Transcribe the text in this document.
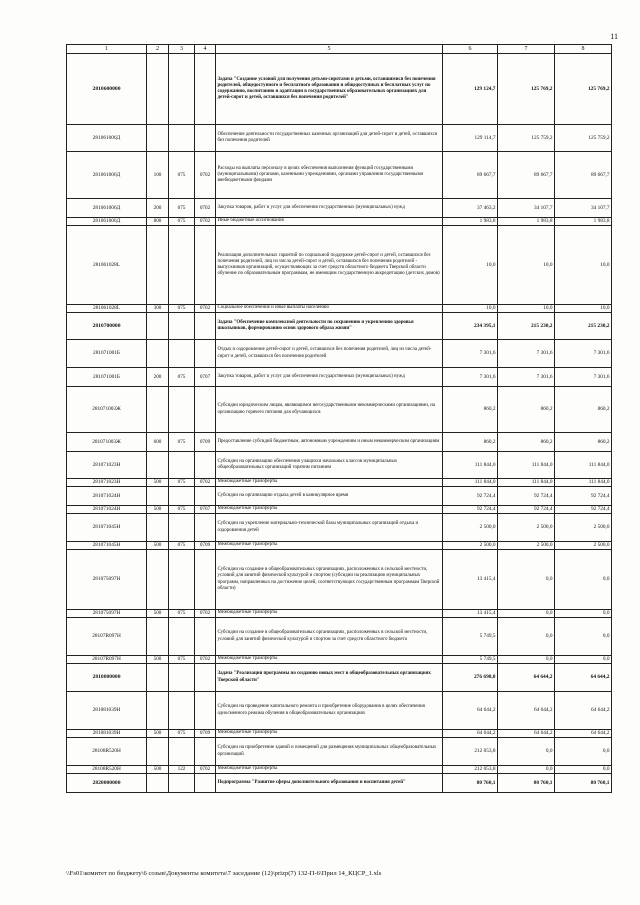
11
1	2	3	4	5	6	7	8
2810600000				Задача "Создание условий для получения детьми-сиротами и детьми, оставшимися без попечения родителей, общедоступного и бесплатного образования и общедоступных и бесплатных услуг по содержанию, воспитанию и адаптации в государственных образовательных организациях для детей-сирот и детей, оставшихся без попечения родителей"	129 124,7	125 769,2	125 769,2
281061006Д				Обеспечение деятельности государственных казенных организаций для детей-сирот и детей, оставшихся без попечения родителей	129 114,7	125 759,2	125 759,2
281061006Д	100	075	0702	Расходы на выплаты персоналу в целях обеспечения выполнения функций государственными (муниципальными) органами, казенными учреждениями, органами управления государственными внебюджетными фондами	89 667,7	89 667,7	89 667,7
281061006Д	200	075	0702	Закупка товаров, работ и услуг для обеспечения государственных (муниципальных) нужд	37 463,2	34 107,7	34 107,7
281061006Д	800	075	0702	Иные бюджетные ассигнования	1 983,8	1 983,8	1 983,8
281061028L				Реализация дополнительных гарантий по социальной поддержке детей-сирот и детей, оставшихся без попечения родителей, лиц из числа детей-сирот и детей, оставшихся без попечения родителей - выпускников организаций, осуществляющих за счет средств областного бюджета Тверской области обучение по образовательным программам, не имеющим государственную аккредитацию (детских домов)	10,0	10,0	10,0
281061028L	300	075	0702	Социальное обеспечение и иные выплаты населению	10,0	10,0	10,0
2810700000				Задача "Обеспечение комплексной деятельности по сохранению и укреплению здоровья школьников, формированию основ здорового образа жизни"	234 395,1	215 230,2	215 230,2
281071001Б				Отдых и оздоровление детей-сирот и детей, оставшихся без попечения родителей, лиц из числа детей-сирот и детей, оставшихся без попечения родителей	7 301,6	7 301,6	7 301,6
281071001Б	200	075	0707	Закупка товаров, работ и услуг для обеспечения государственных (муниципальных) нужд	7 301,6	7 301,6	7 301,6
281071003Ж				Субсидии юридическим лицам, являющимся негосударственными некоммерческими организациями, на организацию горячего питания для обучающихся	860,2	860,2	860,2
281071003Ж	600	075	0709	Предоставление субсидий бюджетным, автономным учреждениям и иным некоммерческим организациям	860,2	860,2	860,2
281071023Н				Субсидии на организацию обеспечения учащихся начальных классов муниципальных общеобразовательных организаций горячим питанием	111 844,0	111 844,0	111 844,0
281071023Н	500	075	0702	Межбюджетные трансферты	111 844,0	111 844,0	111 844,0
281071024Н				Субсидии на организацию отдыха детей в каникулярное время	92 724,4	92 724,4	92 724,4
281071024Н	500	075	0707	Межбюджетные трансферты	92 724,4	92 724,4	92 724,4
281071045Н				Субсидии на укрепление материально-технической базы муниципальных организаций отдыха и оздоровления детей	2 500,0	2 500,0	2 500,0
281071045Н	500	075	0709	Межбюджетные трансферты	2 500,0	2 500,0	2 500,0
281075097Н				Субсидии на создание в общеобразовательных организациях, расположенных в сельской местности, условий для занятий физической культурой и спортом (субсидии на реализацию муниципальных программ, направленных на достижение целей, соответствующих государственным программам Тверской области)	13 415,4	0,0	0,0
281075097Н	500	075	0702	Межбюджетные трансферты	13 415,4	0,0	0,0
28107R097Н				Субсидии на создание в общеобразовательных организациях, расположенных в сельской местности, условий для занятий физической культурой и спортом за счет средств областного бюджета	5 749,5	0,0	0,0
28107R097Н	500	075	0702	Межбюджетные трансферты	5 749,5	0,0	0,0
2810800000				Задача "Реализация программы по созданию новых мест в общеобразовательных организациях Тверской области"	276 698,0	64 644,2	64 644,2
281081039Н				Субсидии на проведение капитального ремонта и приобретение оборудования в целях обеспечения односменного режима обучения в общеобразовательных организациях	64 644,2	64 644,2	64 644,2
281081039Н	500	075	0709	Межбюджетные трансферты	64 644,2	64 644,2	64 644,2
28108R520Н				Субсидии на приобретение зданий и помещений для размещения муниципальных общеобразовательных организаций	212 053,8	0,0	0,0
28108R520Н	500	122	0702	Межбюджетные трансферты	212 053,8	0,0	0,0
2820000000				Подпрограмма "Развитие сферы дополнительного образования и воспитания детей"	80 760,1	80 760,1	80 760,1
\\Fs01\комитет по бюджету\6 созыв\Документы комитета\7 заседание (12)\prizp(7) 132-П-6\Прил 14_КЦСР_1.xls
